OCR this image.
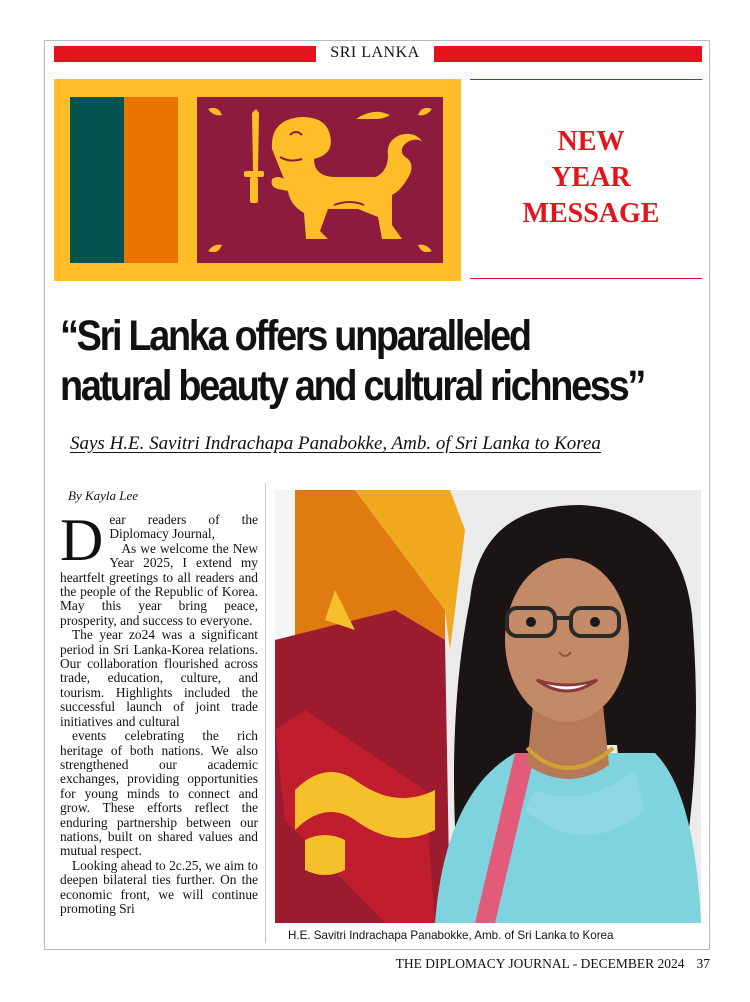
SRI LANKA
NEW
YEAR
MESSAGE
“Sri Lanka offers unparalleled
natural beauty and cultural richness”
Says H.E. Savitri Indrachapa Panabokke, Amb. of Sri Lanka to Korea
By Kayla Lee
D ear readers of the Diplomacy Journal,

As we welcome the New Year 2025, I extend my heartfelt greetings to all readers and the people of the Republic of Korea. May this year bring peace, prosperity, and success to everyone.

The year zo24 was a significant period in Sri Lanka-Korea relations. Our collaboration flourished across trade, education, culture, and tourism. Highlights included the successful launch of joint trade initiatives and cultural

events celebrating the rich heritage of both nations. We also strengthened our academic exchanges, providing opportunities for young minds to connect and grow. These efforts reflect the enduring partnership between our nations, built on shared values and mutual respect.

Looking ahead to 2c.25, we aim to deepen bilateral ties further. On the economic front, we will continue promoting Sri

H.E. Savitri Indrachapa Panabokke, Amb. of Sri Lanka to Korea
THE DIPLOMACY JOURNAL - DECEMBER 2024 37
